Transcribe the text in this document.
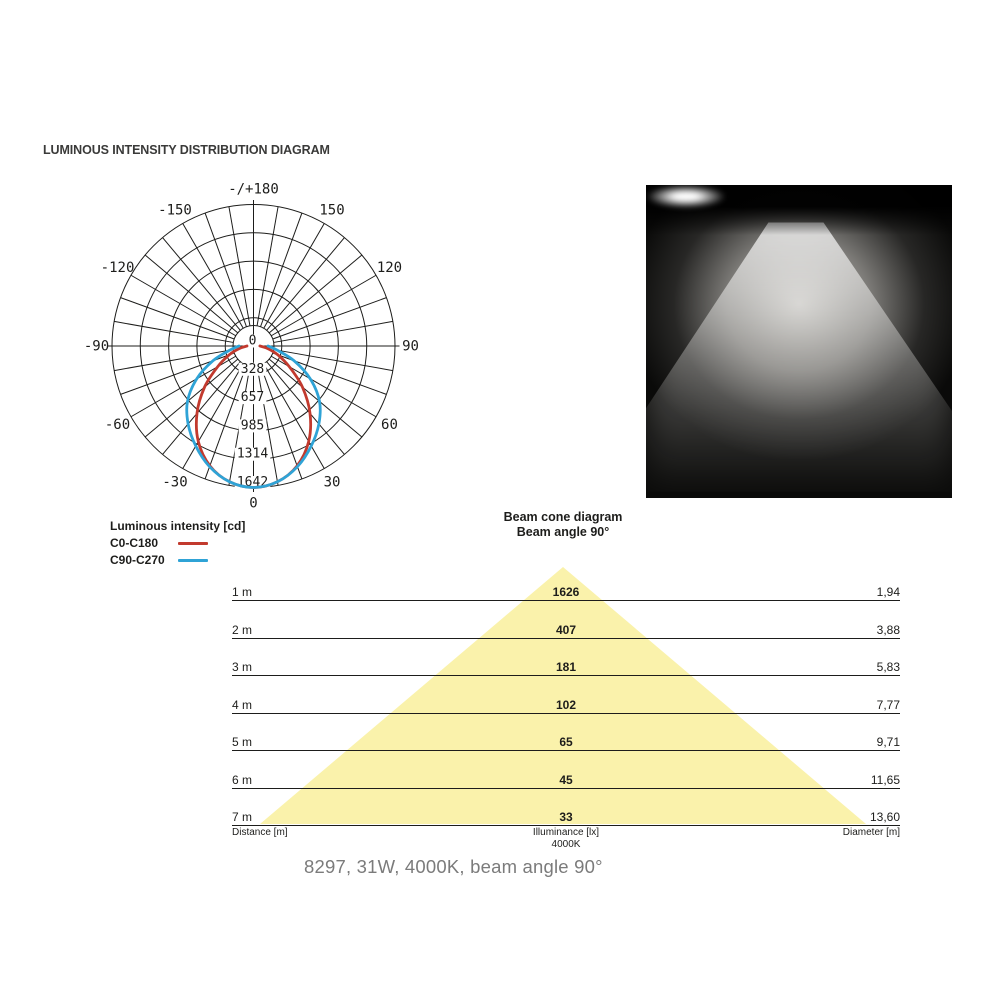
LUMINOUS INTENSITY DISTRIBUTION DIAGRAM
-/+180
-150	150
-120	120
-90	90
-60	60
-30	30
0
0
328
657
985
1314
1642
Luminous intensity [cd]
C0-C180
C90-C270
Beam cone diagram
Beam angle 90°
1 m	1626	1,94
2 m	407	3,88
3 m	181	5,83
4 m	102	7,77
5 m	65	9,71
6 m	45	11,65
7 m	33	13,60
Distance [m]	Illuminance [lx]
4000K
Diameter [m]
8297, 31W, 4000K, beam angle 90°
